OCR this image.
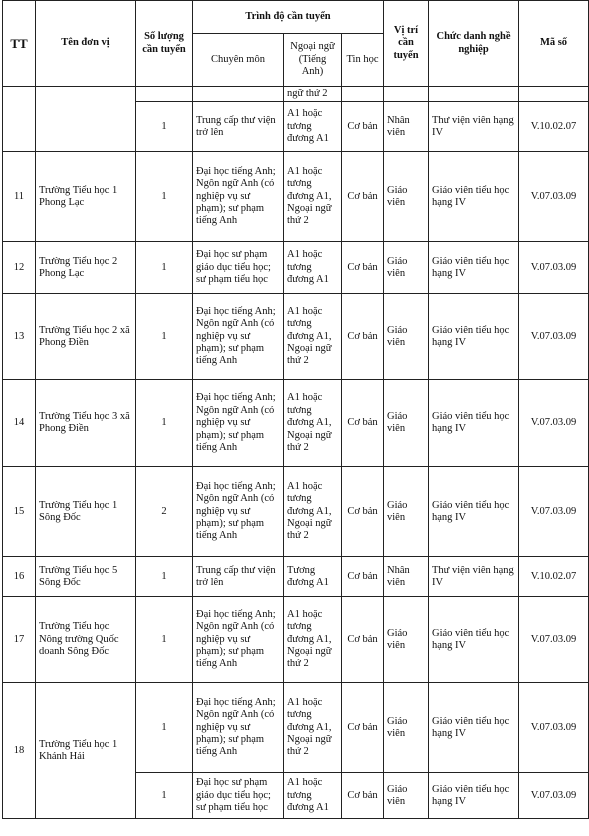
TT	Tên đơn vị	Số lượng cần tuyển	Trình độ cần tuyển			Vị trí cần tuyển	Chức danh nghề nghiệp	Mã số
			Chuyên môn	Ngoại ngữ (Tiếng Anh)	Tin học			
				ngữ thứ 2				
		1	Trung cấp thư viện trở lên	A1 hoặc tương đương A1	Cơ bản	Nhân viên	Thư viện viên hạng IV	V.10.02.07
11	Trường Tiểu học 1 Phong Lạc	1	Đại học tiếng Anh; Ngôn ngữ Anh (có nghiệp vụ sư phạm); sư phạm tiếng Anh	A1 hoặc tương đương A1, Ngoại ngữ thứ 2	Cơ bản	Giáo viên	Giáo viên tiểu học hạng IV	V.07.03.09
12	Trường Tiểu học 2 Phong Lạc	1	Đại học sư phạm giáo dục tiểu học; sư phạm tiểu học	A1 hoặc tương đương A1	Cơ bản	Giáo viên	Giáo viên tiểu học hạng IV	V.07.03.09
13	Trường Tiểu học 2 xã Phong Điền	1	Đại học tiếng Anh; Ngôn ngữ Anh (có nghiệp vụ sư phạm); sư phạm tiếng Anh	A1 hoặc tương đương A1, Ngoại ngữ thứ 2	Cơ bản	Giáo viên	Giáo viên tiểu học hạng IV	V.07.03.09
14	Trường Tiểu học 3 xã Phong Điền	1	Đại học tiếng Anh; Ngôn ngữ Anh (có nghiệp vụ sư phạm); sư phạm tiếng Anh	A1 hoặc tương đương A1, Ngoại ngữ thứ 2	Cơ bản	Giáo viên	Giáo viên tiểu học hạng IV	V.07.03.09
15	Trường Tiểu học 1 Sông Đốc	2	Đại học tiếng Anh; Ngôn ngữ Anh (có nghiệp vụ sư phạm); sư phạm tiếng Anh	A1 hoặc tương đương A1, Ngoại ngữ thứ 2	Cơ bản	Giáo viên	Giáo viên tiểu học hạng IV	V.07.03.09
16	Trường Tiểu học 5 Sông Đốc	1	Trung cấp thư viện trở lên	Tương đương A1	Cơ bản	Nhân viên	Thư viện viên hạng IV	V.10.02.07
17	Trường Tiểu học Nông trường Quốc doanh Sông Đốc	1	Đại học tiếng Anh; Ngôn ngữ Anh (có nghiệp vụ sư phạm); sư phạm tiếng Anh	A1 hoặc tương đương A1, Ngoại ngữ thứ 2	Cơ bản	Giáo viên	Giáo viên tiểu học hạng IV	V.07.03.09
18	Trường Tiểu học 1 Khánh Hải	1	Đại học tiếng Anh; Ngôn ngữ Anh (có nghiệp vụ sư phạm); sư phạm tiếng Anh	A1 hoặc tương đương A1, Ngoại ngữ thứ 2	Cơ bản	Giáo viên	Giáo viên tiểu học hạng IV	V.07.03.09
		1	Đại học sư phạm giáo dục tiểu học; sư phạm tiểu học	A1 hoặc tương đương A1	Cơ bản	Giáo viên	Giáo viên tiểu học hạng IV	V.07.03.09
